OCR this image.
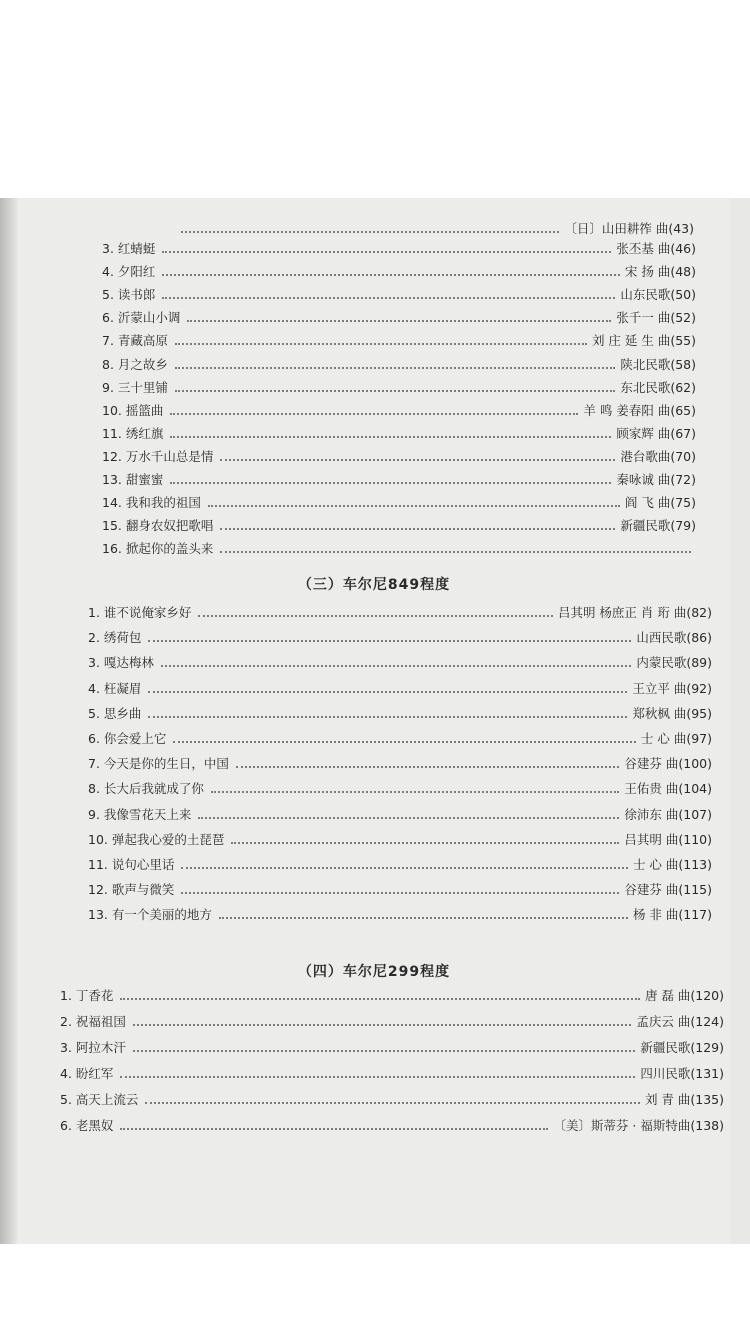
〔日〕山田耕筰 曲(43)
3. 红蜻蜓	张丕基 曲(46)
4. 夕阳红	宋 扬 曲(48)
5. 读书郎	山东民歌(50)
6. 沂蒙山小调	张千一 曲(52)
7. 青藏高原	刘 庄 延 生 曲(55)
8. 月之故乡	陕北民歌(58)
9. 三十里铺	东北民歌(62)
10. 摇篮曲	羊 鸣 姜春阳 曲(65)
11. 绣红旗	顾家辉 曲(67)
12. 万水千山总是情	港台歌曲(70)
13. 甜蜜蜜	秦咏诚 曲(72)
14. 我和我的祖国	阎 飞 曲(75)
15. 翻身农奴把歌唱	新疆民歌(79)
16. 掀起你的盖头来
（三）车尔尼849程度
1. 谁不说俺家乡好	吕其明 杨庶正 肖 珩 曲(82)
2. 绣荷包	山西民歌(86)
3. 嘎达梅林	内蒙民歌(89)
4. 枉凝眉	王立平 曲(92)
5. 思乡曲	郑秋枫 曲(95)
6. 你会爱上它	士 心 曲(97)
7. 今天是你的生日，中国	谷建芬 曲(100)
8. 长大后我就成了你	王佑贵 曲(104)
9. 我像雪花天上来	徐沛东 曲(107)
10. 弹起我心爱的土琵琶	吕其明 曲(110)
11. 说句心里话	士 心 曲(113)
12. 歌声与微笑	谷建芬 曲(115)
13. 有一个美丽的地方	杨 非 曲(117)
（四）车尔尼299程度
1. 丁香花	唐 磊 曲(120)
2. 祝福祖国	孟庆云 曲(124)
3. 阿拉木汗	新疆民歌(129)
4. 盼红军	四川民歌(131)
5. 高天上流云	刘 青 曲(135)
6. 老黑奴	〔美〕斯蒂芬 · 福斯特曲(138)
